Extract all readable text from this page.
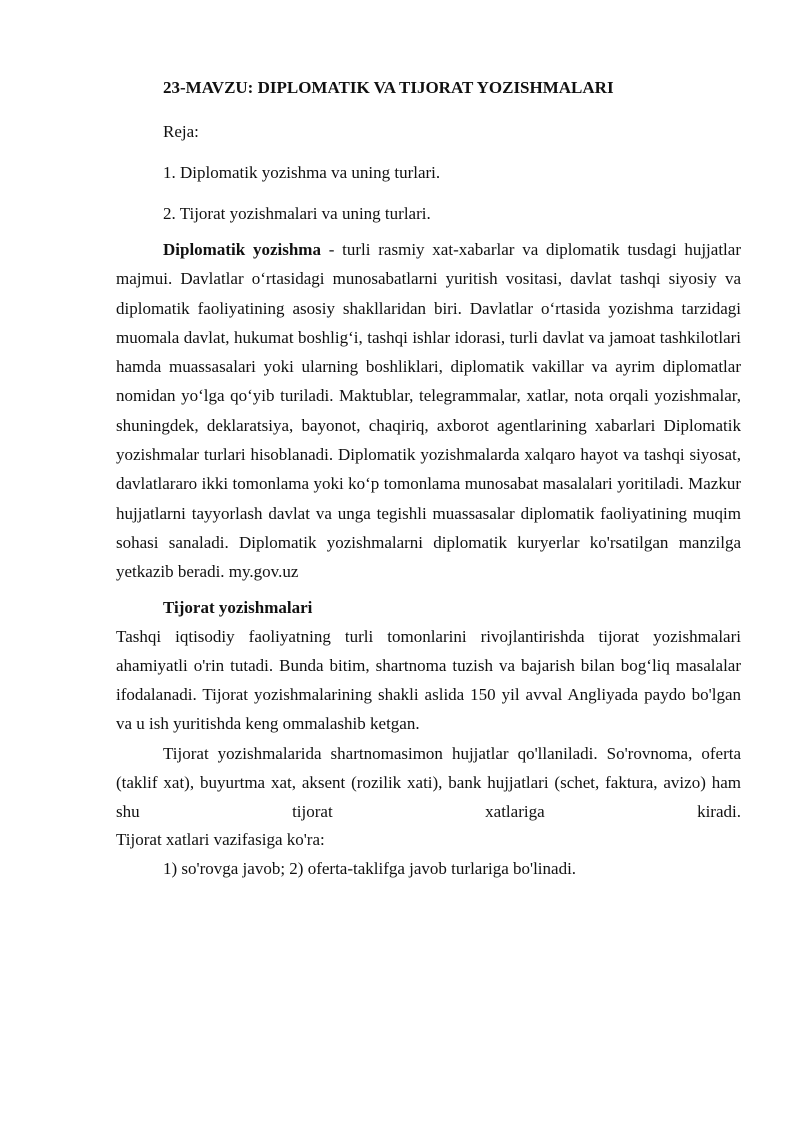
23-MAVZU: DIPLOMATIK VA TIJORAT YOZISHMALARI

Reja:

1. Diplomatik yozishma va uning turlari.

2. Tijorat yozishmalari va uning turlari.

Diplomatik yozishma - turli rasmiy xat-xabarlar va diplomatik tusdagi hujjatlar majmui. Davlatlar o‘rtasidagi munosabatlarni yuritish vositasi, davlat tashqi siyosiy va diplomatik faoliyatining asosiy shakllaridan biri. Davlatlar o‘rtasida yozishma tarzidagi muomala davlat, hukumat boshlig‘i, tashqi ishlar idorasi, turli davlat va jamoat tashkilotlari hamda muassasalari yoki ularning boshliklari, diplomatik vakillar va ayrim diplomatlar nomidan yo‘lga qo‘yib turiladi. Maktublar, telegrammalar, xatlar, nota orqali yozishmalar, shuningdek, deklaratsiya, bayonot, chaqiriq, axborot agentlarining xabarlari Diplomatik yozishmalar turlari hisoblanadi. Diplomatik yozishmalarda xalqaro hayot va tashqi siyosat, davlatlararo ikki tomonlama yoki ko‘p tomonlama munosabat masalalari yoritiladi. Mazkur hujjatlarni tayyorlash davlat va unga tegishli muassasalar diplomatik faoliyatining muqim sohasi sanaladi. Diplomatik yozishmalarni diplomatik kuryerlar ko'rsatilgan manzilga yetkazib beradi. my.gov.uz

Tijorat yozishmalari

Tashqi iqtisodiy faoliyatning turli tomonlarini rivojlantirishda tijorat yozishmalari ahamiyatli o'rin tutadi. Bunda bitim, shartnoma tuzish va bajarish bilan bog‘liq masalalar ifodalanadi. Tijorat yozishmalarining shakli aslida 150 yil avval Angliyada paydo bo'lgan va u ish yuritishda keng ommalashib ketgan.

Tijorat yozishmalarida shartnomasimon hujjatlar qo'llaniladi. So'rovnoma, oferta (taklif xat), buyurtma xat, aksent (rozilik xati), bank hujjatlari (schet, faktura, avizo) ham shu tijorat xatlariga kiradi.

Tijorat xatlari vazifasiga ko'ra:

1) so'rovga javob; 2) oferta-taklifga javob turlariga bo'linadi.
